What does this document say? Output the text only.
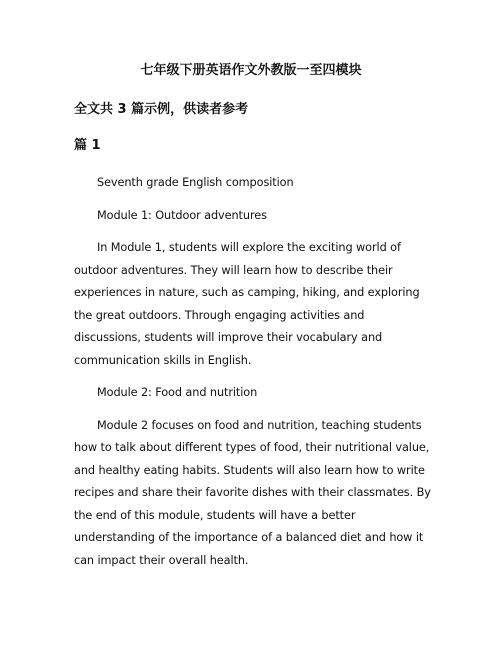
七年级下册英语作文外教版一至四模块
全文共 3 篇示例，供读者参考
篇 1

Seventh grade English composition

Module 1: Outdoor adventures

In Module 1, students will explore the exciting world of outdoor adventures. They will learn how to describe their experiences in nature, such as camping, hiking, and exploring the great outdoors. Through engaging activities and discussions, students will improve their vocabulary and communication skills in English.

Module 2: Food and nutrition

Module 2 focuses on food and nutrition, teaching students how to talk about different types of food, their nutritional value, and healthy eating habits. Students will also learn how to write recipes and share their favorite dishes with their classmates. By the end of this module, students will have a better understanding of the importance of a balanced diet and how it can impact their overall health.
